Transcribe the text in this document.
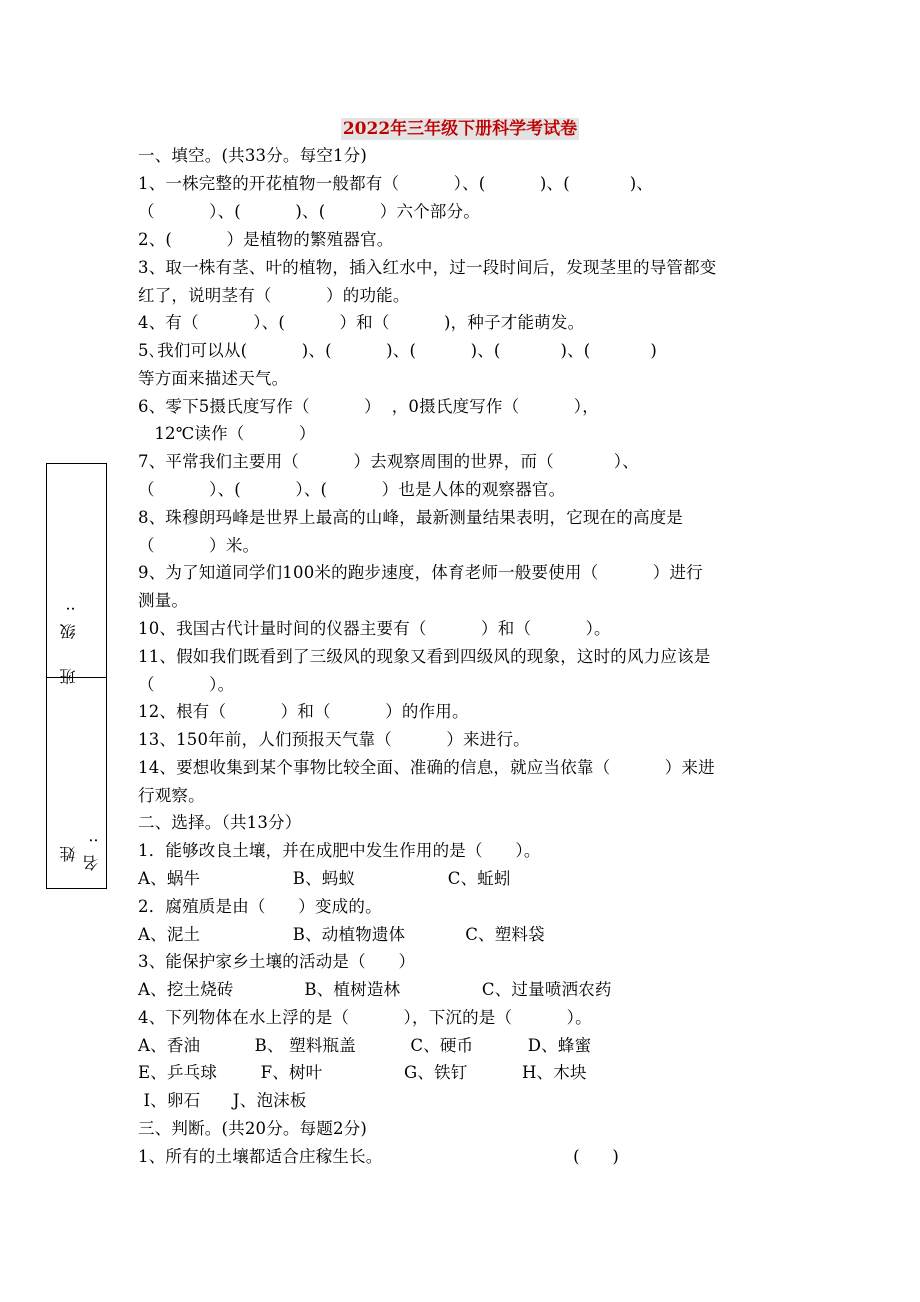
2022年三年级下册科学考试卷
班 级:
姓 名:
一、填空。(共33分。每空1分)
1、一株完整的开花植物一般都有（          ）、(          )、(           )、
（          ）、(          )、(          ）六个部分。
2、(          ）是植物的繁殖器官。
3、取一株有茎、叶的植物，插入红水中，过一段时间后，发现茎里的导管都变
红了，说明茎有（          ）的功能。
4、有（          ）、(          ）和（          )，种子才能萌发。
5､我们可以从(          )、(          )、(          )、(           )、(           )
等方面来描述天气。
6、零下5摄氏度写作（          ）  ，0摄氏度写作（          ），
12℃读作（          ）
7、平常我们主要用（          ）去观察周围的世界，而（           ）、
（          ）、(          ）、(          ）也是人体的观察器官。
8、珠穆朗玛峰是世界上最高的山峰，最新测量结果表明，它现在的高度是
（          ）米。
9、为了知道同学们100米的跑步速度，体育老师一般要使用（          ）进行
测量。
10、我国古代计量时间的仪器主要有（          ）和（          ）。
11、假如我们既看到了三级风的现象又看到四级风的现象，这时的风力应该是
（          ）。
12、根有（          ）和（          ）的作用。
13、150年前，人们预报天气靠（          ）来进行。
14、要想收集到某个事物比较全面、准确的信息，就应当依靠（          ）来进
行观察。
二、选择。（共13分）
1．能够改良土壤，并在成肥中发生作用的是（      ）。
A、蜗牛                 B、蚂蚁                 C、蚯蚓
2．腐殖质是由（      ）变成的。
A、泥土                 B、动植物遗体           C、塑料袋
3、能保护家乡土壤的活动是（      ）
A、挖土烧砖             B、植树造林               C、过量喷洒农药
4、下列物体在水上浮的是（          ），下沉的是（          ）。
A、香油          B、 塑料瓶盖          C、硬币          D、蜂蜜
E、乒乓球        F、树叶               G、铁钉          H、木块
I、卵石      J、泡沫板
三、判断。(共20分。每题2分)
1、所有的土壤都适合庄稼生长。                                   (      )
